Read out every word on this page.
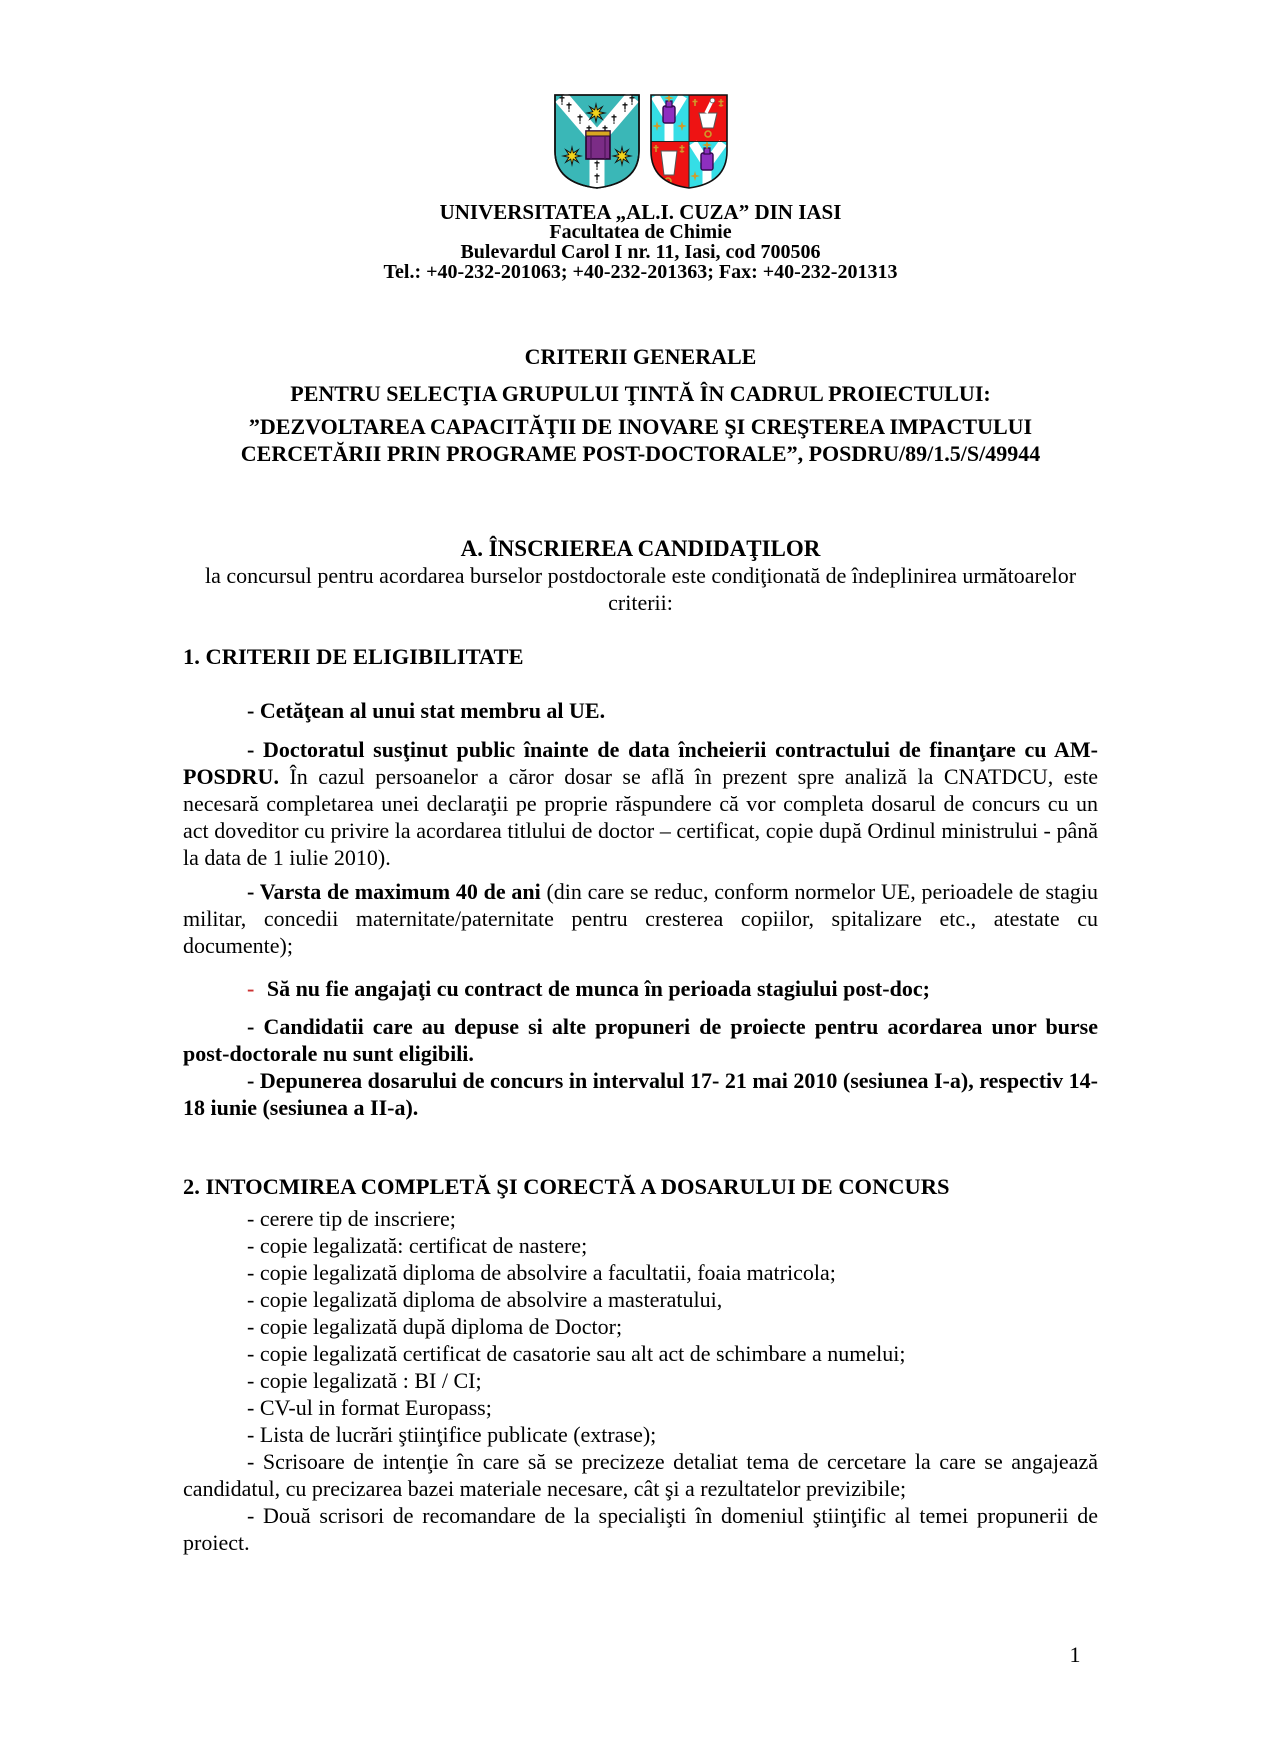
UNIVERSITATEA „AL.I. CUZA” DIN IASI

Facultatea de Chimie

Bulevardul Carol I nr. 11, Iasi, cod 700506

Tel.: +40-232-201063; +40-232-201363; Fax: +40-232-201313

CRITERII GENERALE

PENTRU SELECŢIA GRUPULUI ŢINTĂ ÎN CADRUL PROIECTULUI:

”DEZVOLTAREA CAPACITĂŢII DE INOVARE ŞI CREŞTEREA IMPACTULUI CERCETĂRII PRIN PROGRAME POST-DOCTORALE”, POSDRU/89/1.5/S/49944

A. ÎNSCRIEREA CANDIDAŢILOR

la concursul pentru acordarea burselor postdoctorale este condiţionată de îndeplinirea următoarelor criterii:

1. CRITERII DE ELIGIBILITATE

- Cetăţean al unui stat membru al UE.

- Doctoratul susţinut public înainte de data încheierii contractului de finanţare cu AM-POSDRU. În cazul persoanelor a căror dosar se află în prezent spre analiză la CNATDCU, este necesară completarea unei declaraţii pe proprie răspundere că vor completa dosarul de concurs cu un act doveditor cu privire la acordarea titlului de doctor – certificat, copie după Ordinul ministrului - până la data de 1 iulie 2010).

- Varsta de maximum 40 de ani (din care se reduc, conform normelor UE, perioadele de stagiu militar, concedii maternitate/paternitate pentru cresterea copiilor, spitalizare etc., atestate cu documente);

- Să nu fie angajaţi cu contract de munca în perioada stagiului post-doc;

- Candidatii care au depuse si alte propuneri de proiecte pentru acordarea unor burse post-doctorale nu sunt eligibili.

- Depunerea dosarului de concurs in intervalul 17- 21 mai 2010 (sesiunea I-a), respectiv 14-18 iunie (sesiunea a II-a).

2. INTOCMIREA COMPLETĂ ŞI CORECTĂ A DOSARULUI DE CONCURS

- cerere tip de inscriere;

- copie legalizată: certificat de nastere;

- copie legalizată diploma de absolvire a facultatii, foaia matricola;

- copie legalizată diploma de absolvire a masteratului,

- copie legalizată după diploma de Doctor;

- copie legalizată certificat de casatorie sau alt act de schimbare a numelui;

- copie legalizată : BI / CI;

- CV-ul in format Europass;

- Lista de lucrări ştiinţifice publicate (extrase);

- Scrisoare de intenţie în care să se precizeze detaliat tema de cercetare la care se angajează candidatul, cu precizarea bazei materiale necesare, cât şi a rezultatelor previzibile;

- Două scrisori de recomandare de la specialişti în domeniul ştiinţific al temei propunerii de proiect.

1
